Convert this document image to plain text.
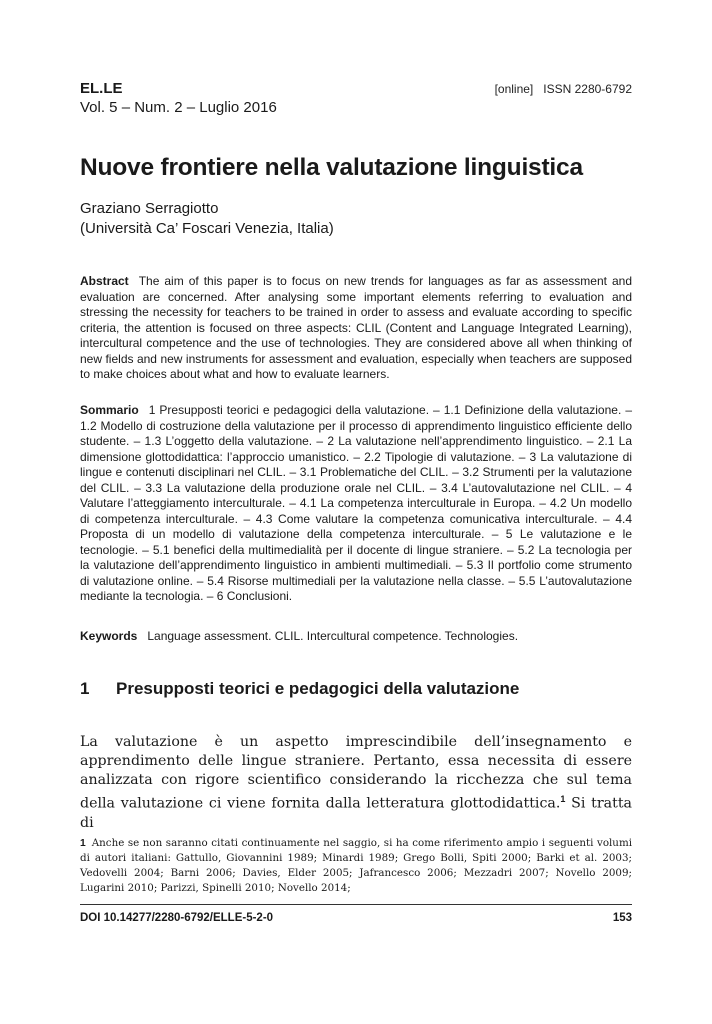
EL.LE
Vol. 5 – Num. 2 – Luglio 2016
[online] ISSN 2280-6792
Nuove frontiere nella valutazione linguistica
Graziano Serragiotto
(Università Ca’ Foscari Venezia, Italia)
Abstract The aim of this paper is to focus on new trends for languages as far as assessment and evaluation are concerned. After analysing some important elements referring to evaluation and stressing the necessity for teachers to be trained in order to assess and evaluate according to specific criteria, the attention is focused on three aspects: CLIL (Content and Language Integrated Learning), intercultural competence and the use of technologies. They are considered above all when thinking of new fields and new instruments for assessment and evaluation, especially when teachers are supposed to make choices about what and how to evaluate learners.
Sommario 1 Presupposti teorici e pedagogici della valutazione. – 1.1 Definizione della valutazione. – 1.2 Modello di costruzione della valutazione per il processo di apprendimento linguistico efficiente dello studente. – 1.3 L’oggetto della valutazione. – 2 La valutazione nell’apprendimento linguistico. – 2.1 La dimensione glottodidattica: l’approccio umanistico. – 2.2 Tipologie di valutazione. – 3 La valutazione di lingue e contenuti disciplinari nel CLIL. – 3.1 Problematiche del CLIL. – 3.2 Strumenti per la valutazione del CLIL. – 3.3 La valutazione della produzione orale nel CLIL. – 3.4 L’autovalutazione nel CLIL. – 4 Valutare l’atteggiamento interculturale. – 4.1 La competenza interculturale in Europa. – 4.2 Un modello di competenza interculturale. – 4.3 Come valutare la competenza comunicativa interculturale. – 4.4 Proposta di un modello di valutazione della competenza interculturale. – 5 Le valutazione e le tecnologie. – 5.1 benefici della multimedialità per il docente di lingue straniere. – 5.2 La tecnologia per la valutazione dell’apprendimento linguistico in ambienti multimediali. – 5.3 Il portfolio come strumento di valutazione online. – 5.4 Risorse multimediali per la valutazione nella classe. – 5.5 L’autovalutazione mediante la tecnologia. – 6 Conclusioni.
Keywords Language assessment. CLIL. Intercultural competence. Technologies.
1 Presupposti teorici e pedagogici della valutazione

La valutazione è un aspetto imprescindibile dell’insegnamento e apprendimento delle lingue straniere. Pertanto, essa necessita di essere analizzata con rigore scientifico considerando la ricchezza che sul tema della valutazione ci viene fornita dalla letteratura glottodidattica.$^1$ Si tratta di

1 Anche se non saranno citati continuamente nel saggio, si ha come riferimento ampio i seguenti volumi di autori italiani: Gattullo, Giovannini 1989; Minardi 1989; Grego Bolli, Spiti 2000; Barki et al. 2003; Vedovelli 2004; Barni 2006; Davies, Elder 2005; Jafrancesco 2006; Mezzadri 2007; Novello 2009; Lugarini 2010; Parizzi, Spinelli 2010; Novello 2014;
DOI 10.14277/2280-6792/ELLE-5-2-0	153
